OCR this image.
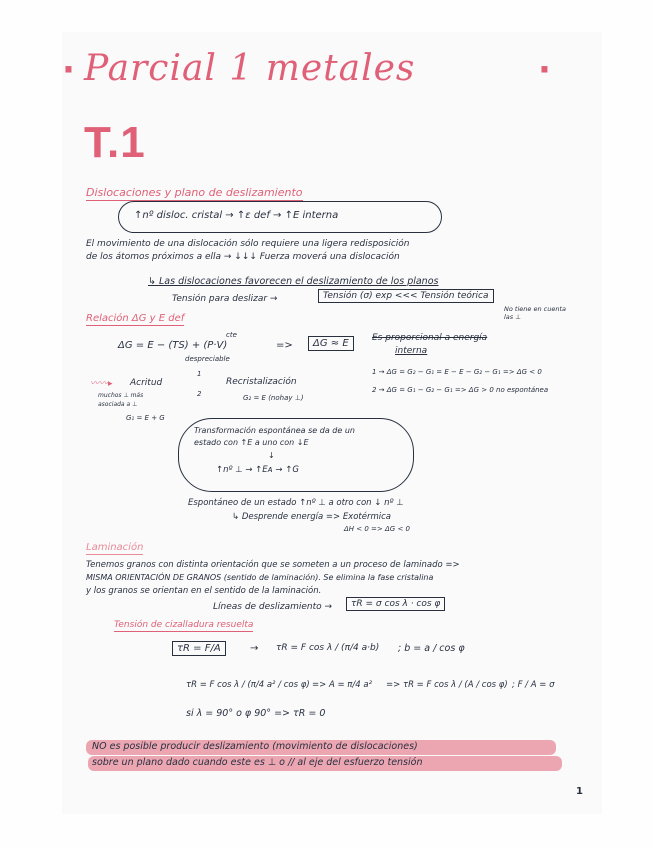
· Parcial 1 metales	·
T.1
Dislocaciones y plano de deslizamiento
↑nº disloc. cristal → ↑ε def → ↑E interna
El movimiento de una dislocación sólo requiere una ligera redisposición
de los átomos próximos a ella → ↓↓↓ Fuerza moverá una dislocación
↳ Las dislocaciones favorecen el deslizamiento de los planos
Tensión para deslizar →	Tensión (σ) exp <<< Tensión teórica
No tiene en cuenta las ⊥
Relación ΔG y E def
cte
ΔG = E − (TS) + (P·V)
despreciable
=>	ΔG ≈ E	Es proporcional a energía
interna
〰〰▸ Acritud
1
2
Recristalización
G₂ = E (nohay ⊥)
muchos ⊥ más
asociada a ⊥
G₁ = E + G
1 → ΔG = G₂ − G₁ = E − E − G₂ − G₁ => ΔG < 0
2 → ΔG = G₁ − G₂ − G₁ => ΔG > 0 no espontánea
Transformación espontánea se da de un
estado con ↑E a uno con ↓E
↓
↑nº ⊥ → ↑Eᴀ → ↑G
Espontáneo de un estado ↑nº ⊥ a otro con ↓ nº ⊥
↳ Desprende energía => Exotérmica
ΔH < 0 => ΔG < 0
Laminación
Tenemos granos con distinta orientación que se someten a un proceso de laminado =>
MISMA ORIENTACIÓN DE GRANOS (sentido de laminación). Se elimina la fase cristalina
y los granos se orientan en el sentido de la laminación.
Líneas de deslizamiento →	τR = σ cos λ · cos φ
Tensión de cizalladura resuelta
τR = F/A	→ τR = F cos λ / (π/4 a·b) ; b = a / cos φ
τR = F cos λ / (π/4 a² / cos φ) => A = π/4 a² => τR = F cos λ / (A / cos φ) ; F / A = σ
si λ = 90° o φ 90° => τR = 0
NO es posible producir deslizamiento (movimiento de dislocaciones)
sobre un plano dado cuando este es ⊥ o // al eje del esfuerzo tensión
1
